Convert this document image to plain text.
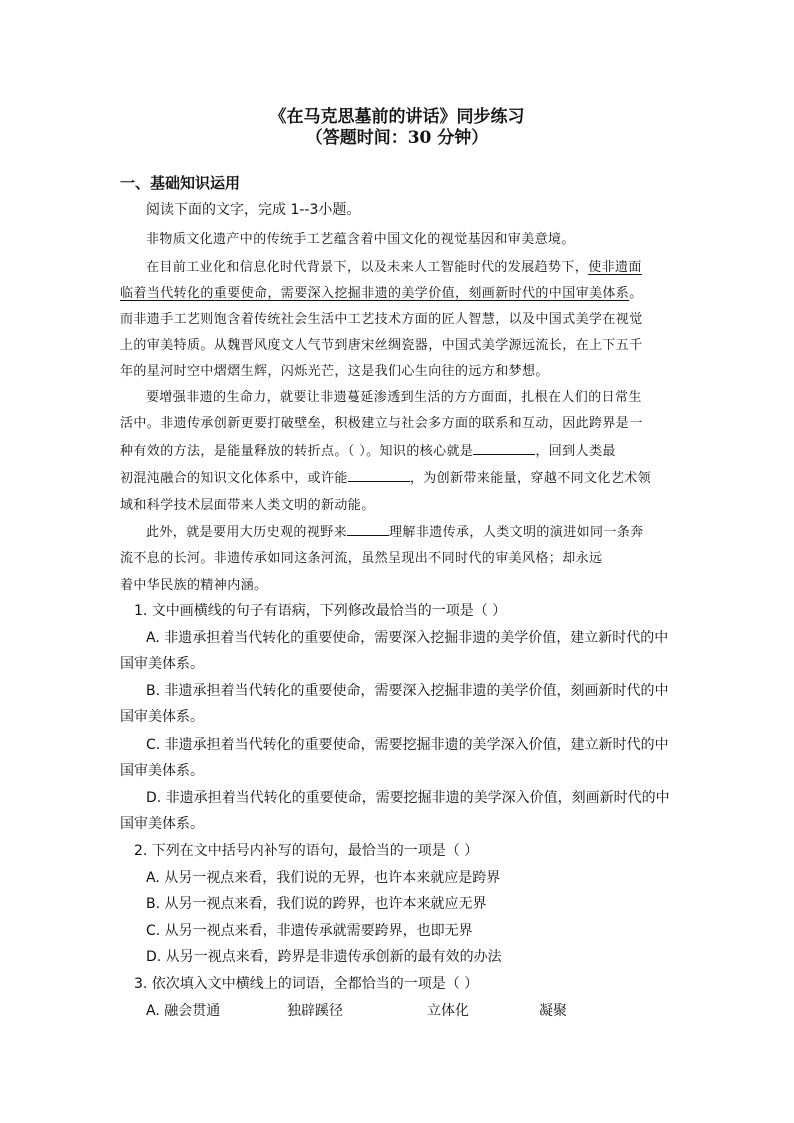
《在马克思墓前的讲话》同步练习
（答题时间：30 分钟）
一、基础知识运用
阅读下面的文字，完成 1--3小题。
非物质文化遗产中的传统手工艺蕴含着中国文化的视觉基因和审美意境。
在目前工业化和信息化时代背景下，以及未来人工智能时代的发展趋势下，使非遗面
临着当代转化的重要使命，需要深入挖掘非遗的美学价值，刻画新时代的中国审美体系。
而非遗手工艺则饱含着传统社会生活中工艺技术方面的匠人智慧，以及中国式美学在视觉
上的审美特质。从魏晋风度文人气节到唐宋丝绸瓷器，中国式美学源远流长，在上下五千
年的星河时空中熠熠生辉，闪烁光芒，这是我们心生向往的远方和梦想。
要增强非遗的生命力，就要让非遗蔓延渗透到生活的方方面面，扎根在人们的日常生
活中。非遗传承创新更要打破壁垒，积极建立与社会多方面的联系和互动，因此跨界是一
种有效的方法，是能量释放的转折点。（ ）。知识的核心就是	，回到人类最
初混沌融合的知识文化体系中，或许能	，为创新带来能量，穿越不同文化艺术领
域和科学技术层面带来人类文明的新动能。
此外，就是要用大历史观的视野来	理解非遗传承，人类文明的演进如同一条奔
流不息的长河。非遗传承如同这条河流，虽然呈现出不同时代的审美风格；却永远
着中华民族的精神内涵。
1. 文中画横线的句子有语病，下列修改最恰当的一项是（ ）
A. 非遗承担着当代转化的重要使命，需要深入挖掘非遗的美学价值，建立新时代的中
国审美体系。
B. 非遗承担着当代转化的重要使命，需要深入挖掘非遗的美学价值，刻画新时代的中
国审美体系。
C. 非遗承担着当代转化的重要使命，需要挖掘非遗的美学深入价值，建立新时代的中
国审美体系。
D. 非遗承担着当代转化的重要使命，需要挖掘非遗的美学深入价值，刻画新时代的中
国审美体系。
2. 下列在文中括号内补写的语句，最恰当的一项是（ ）
A. 从另一视点来看，我们说的无界，也许本来就应是跨界
B. 从另一视点来看，我们说的跨界，也许本来就应无界
C. 从另一视点来看，非遗传承就需要跨界，也即无界
D. 从另一视点来看，跨界是非遗传承创新的最有效的办法
3. 依次填入文中横线上的词语，全都恰当的一项是（ ）
A. 融会贯通	独辟蹊径	立体化	凝聚
